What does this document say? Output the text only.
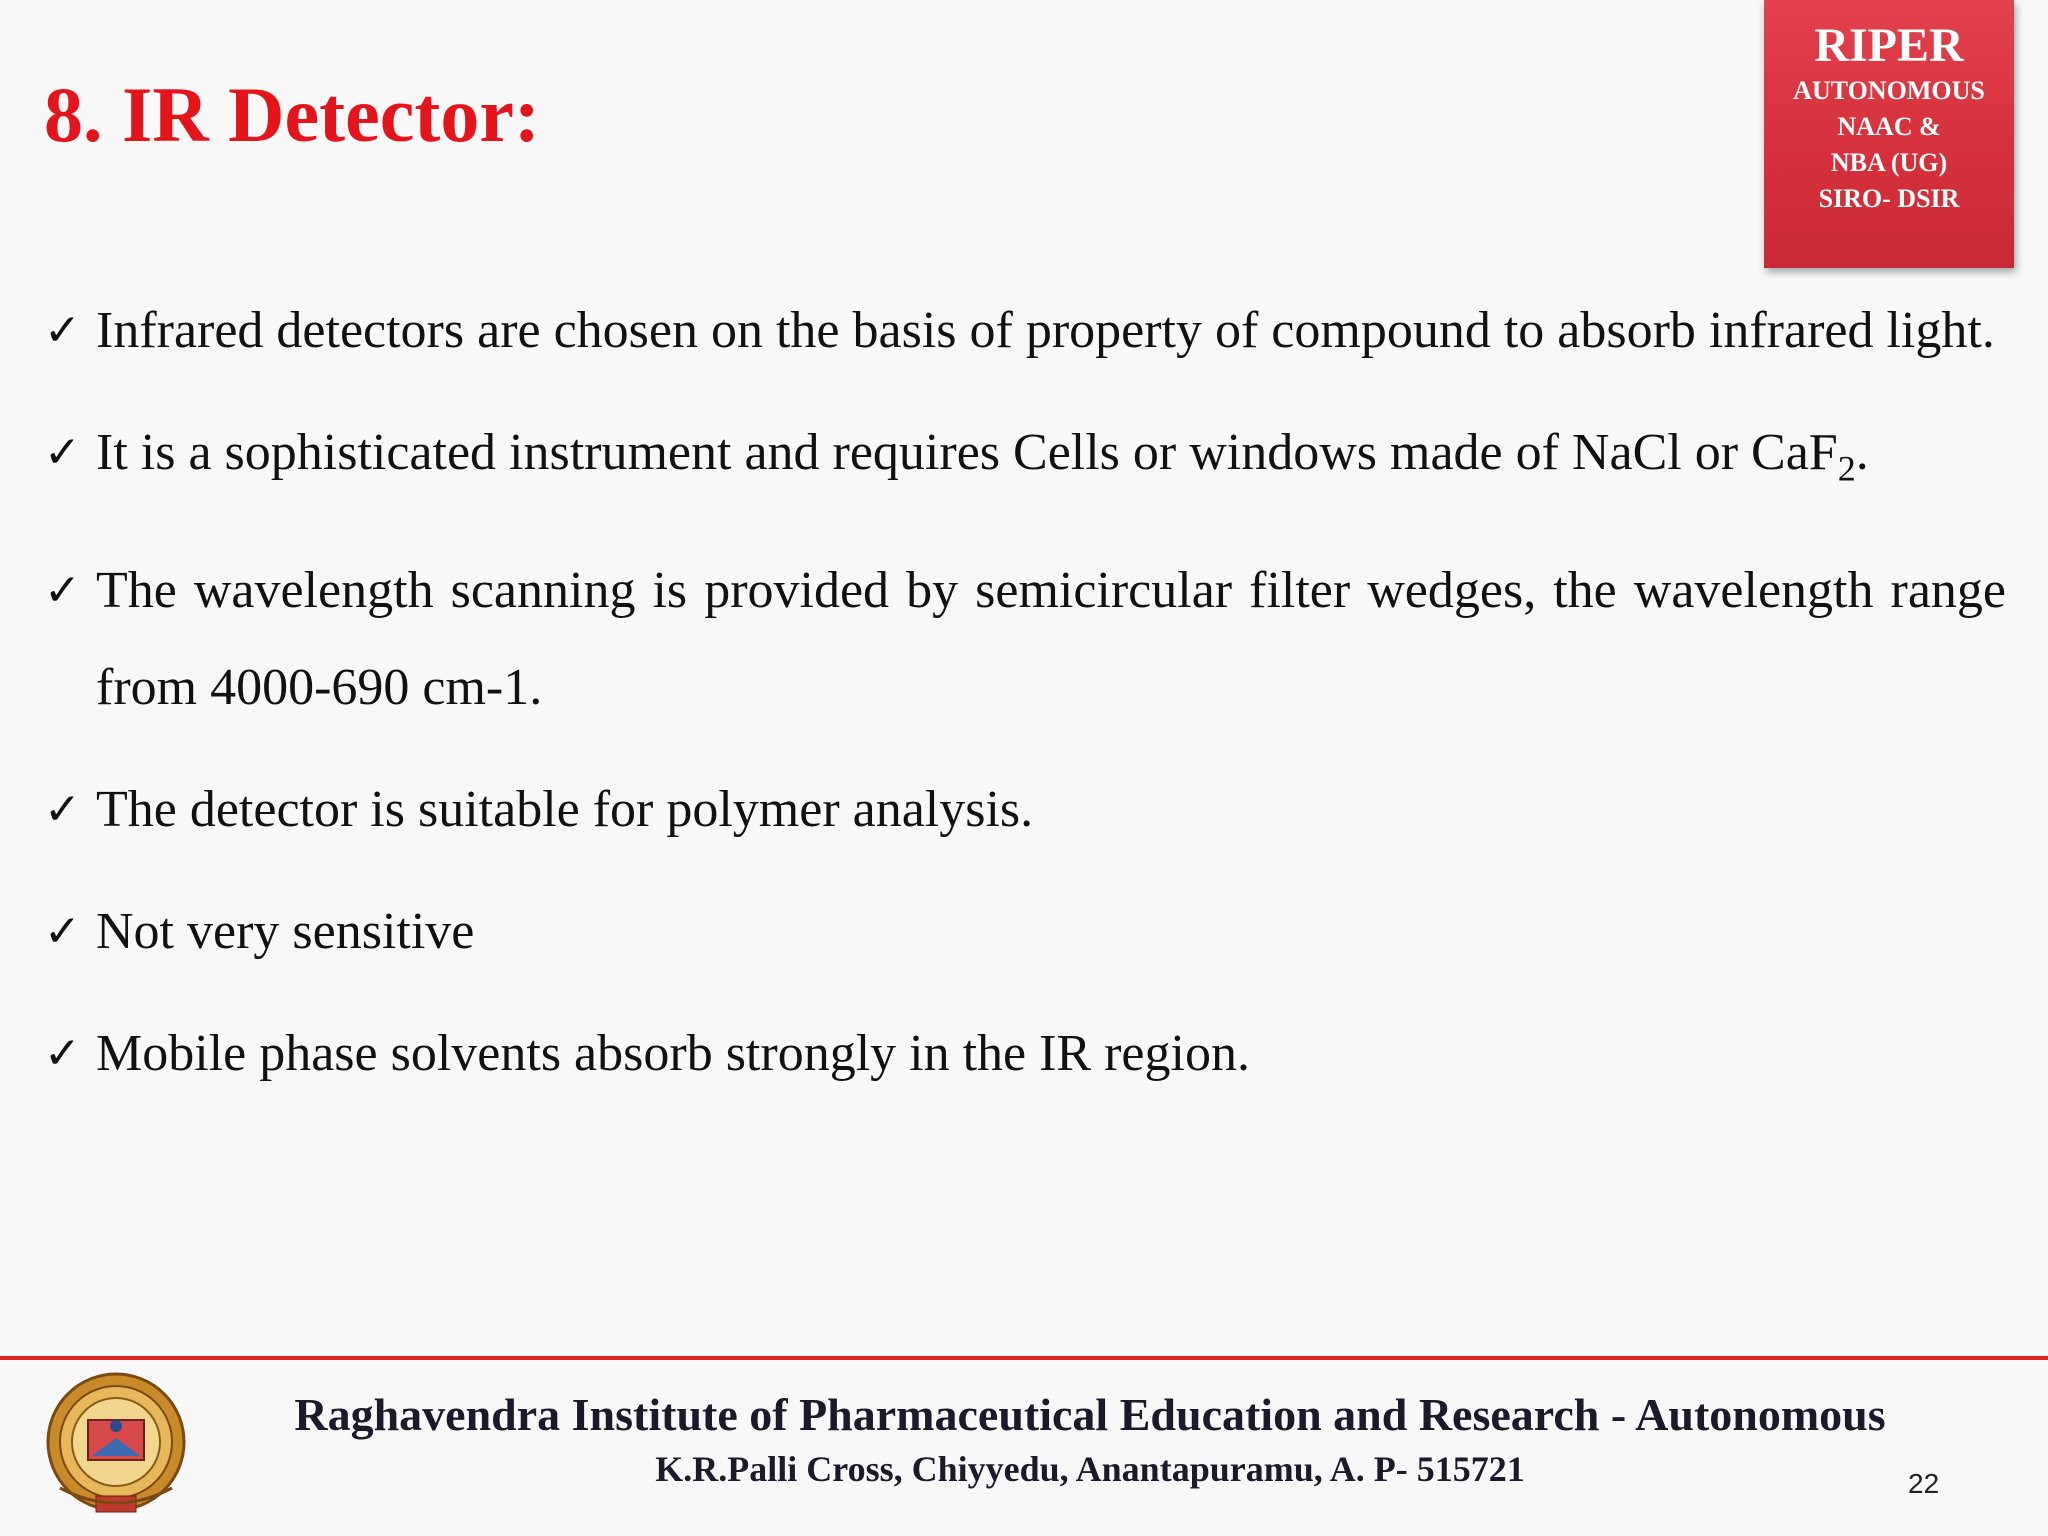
8. IR Detector:
RIPER
AUTONOMOUS
NAAC &
NBA (UG)
SIRO- DSIR
✓ Infrared detectors are chosen on the basis of property of compound to absorb infrared light.
✓ It is a sophisticated instrument and requires Cells or windows made of NaCl or CaF$_2$.
✓ The wavelength scanning is provided by semicircular filter wedges, the wavelength range from 4000-690 cm-1.
✓ The detector is suitable for polymer analysis.
✓ Not very sensitive
✓ Mobile phase solvents absorb strongly in the IR region.
Raghavendra Institute of Pharmaceutical Education and Research - Autonomous
K.R.Palli Cross, Chiyyedu, Anantapuramu, A. P- 515721	22
